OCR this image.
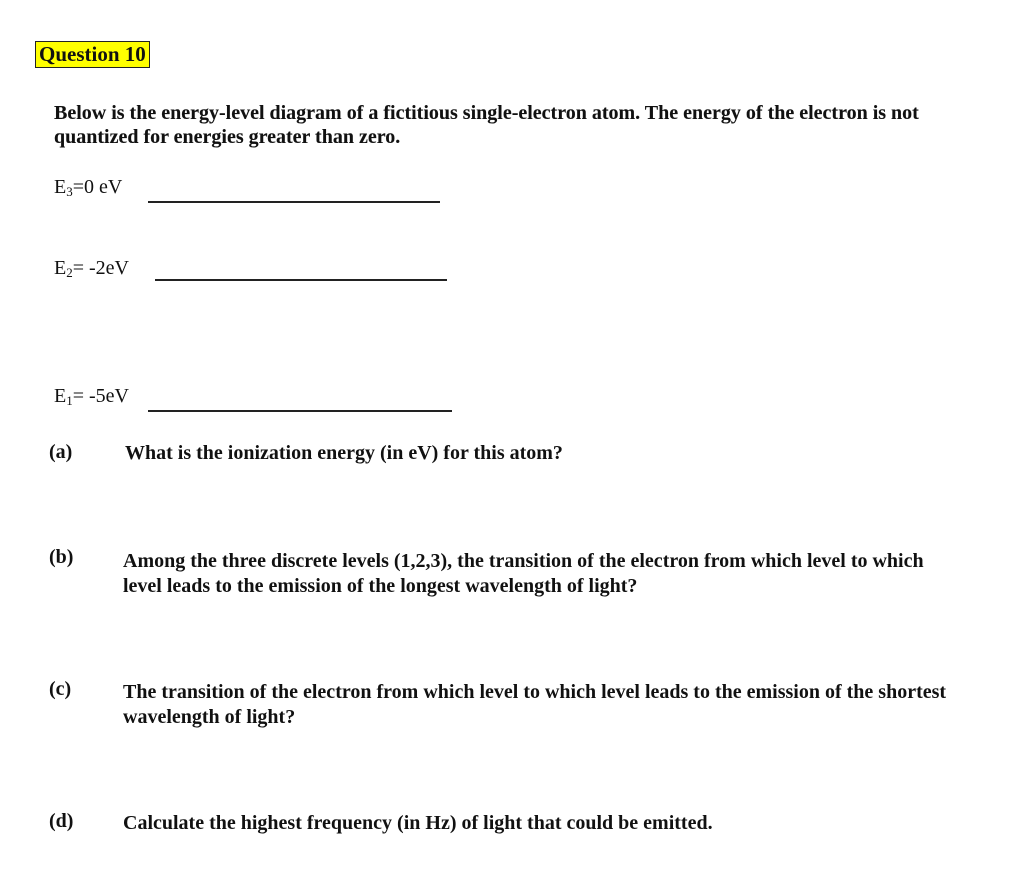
Question 10
Below is the energy-level diagram of a fictitious single-electron atom. The energy of the electron is not quantized for energies greater than zero.
$E_3=0$ eV
$E_2= -2eV$
$E_1= -5eV$
(a)	What is the ionization energy (in eV) for this atom?
(b) Among the three discrete levels (1,2,3), the transition of the electron from which level to which level leads to the emission of the longest wavelength of light?
(c)	The transition of the electron from which level to which level leads to the emission of the shortest wavelength of light?
(d) Calculate the highest frequency (in Hz) of light that could be emitted.
